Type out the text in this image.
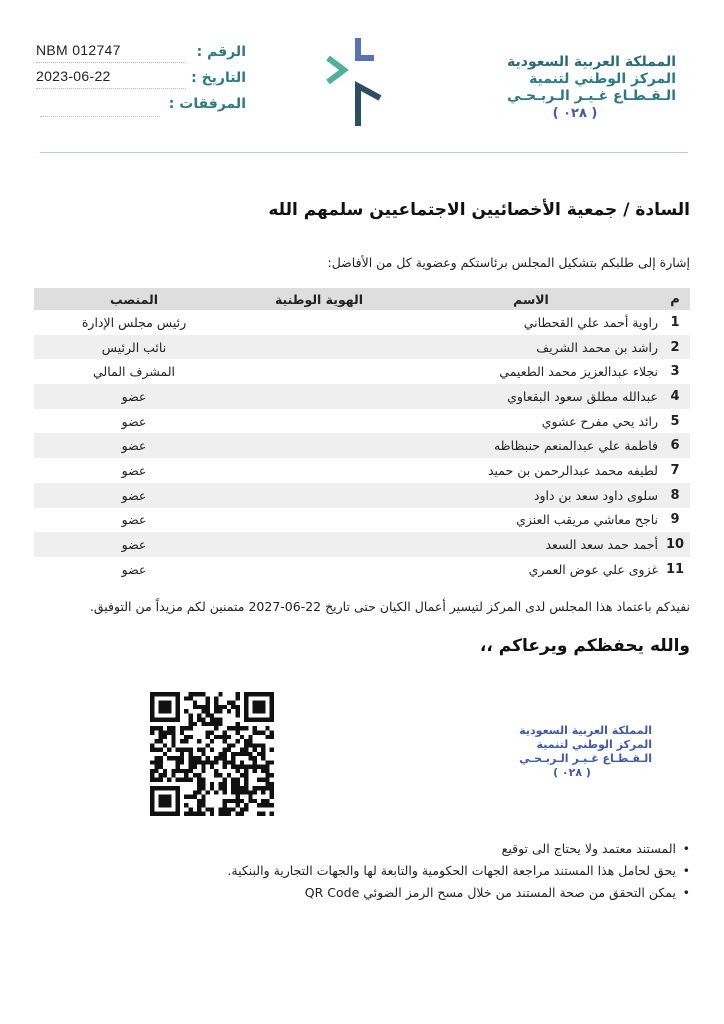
المملكة العربية السعودية
المركز الوطني لتنمية
الـقـطـاع غـيـر الـربـحـي
( ٠٢٨ )
NBM 012747	الرقم :
2023-06-22	التاريخ :
المرفقات :
السادة / جمعية الأخصائيين الاجتماعيين سلمهم الله
إشارة إلى طلبكم بتشكيل المجلس برئاستكم وعضوية كل من الأفاضل:
م	الاسم	الهوية الوطنية	المنصب
1	راوية أحمد علي القحطاني		رئيس مجلس الإدارة
2	راشد بن محمد الشريف		نائب الرئيس
3	نجلاء عبدالعزيز محمد الطعيمي		المشرف المالي
4	عبدالله مطلق سعود البقعاوي		عضو
5	رائد يحي مفرح عشوي		عضو
6	فاطمة علي عبدالمنعم حنبظاظه		عضو
7	لطيفه محمد عبدالرحمن بن حميد		عضو
8	سلوى داود سعد بن داود		عضو
9	ناجح معاشي مريقب العنزي		عضو
10	أحمد حمد سعد السعد		عضو
11	غزوى علي عوض العمري		عضو
نفيدكم باعتماد هذا المجلس لدى المركز لتيسير أعمال الكيان حتى تاريخ 22-06-2027 متمنين لكم مزيداً من التوفيق.
والله يحفظكم ويرعاكم ،،
المملكة العربية السعودية
المركز الوطني لتنمية
الـقـطـاع غـيـر الـربـحـي
( ٠٢٨ )
• المستند معتمد ولا يحتاج الى توقيع
• يحق لحامل هذا المستند مراجعة الجهات الحكومية والتابعة لها والجهات التجارية والبنكية.
• يمكن التحقق من صحة المستند من خلال مسح الرمز الضوئي QR Code
